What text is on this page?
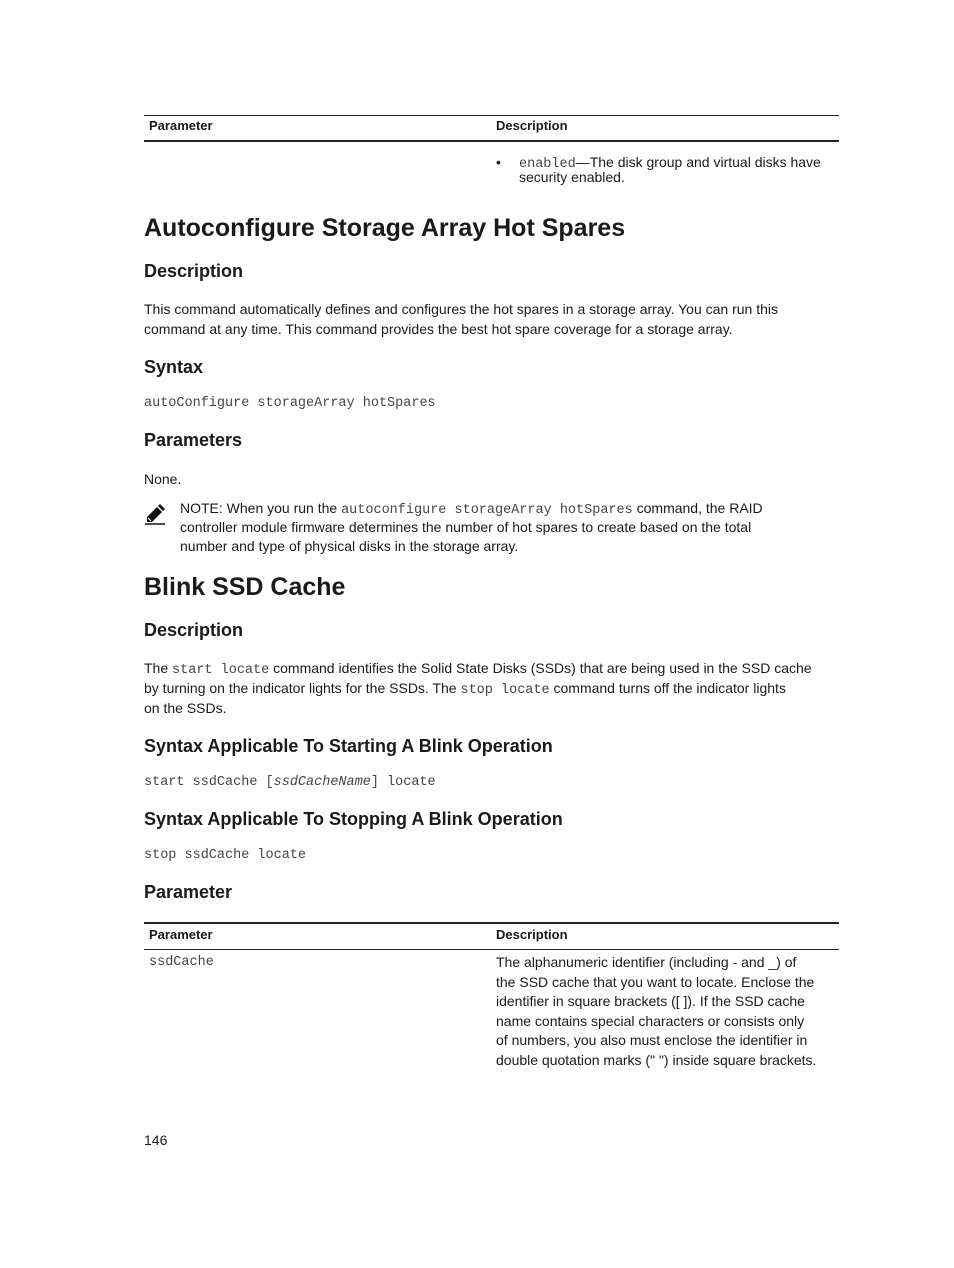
Parameter	Description
• enabled—The disk group and virtual disks have
security enabled.
Autoconfigure Storage Array Hot Spares
Description
This command automatically defines and configures the hot spares in a storage array. You can run this
command at any time. This command provides the best hot spare coverage for a storage array.
Syntax
autoConfigure storageArray hotSpares
Parameters
None.
NOTE: When you run the autoconfigure storageArray hotSpares command, the RAID
controller module firmware determines the number of hot spares to create based on the total
number and type of physical disks in the storage array.
Blink SSD Cache
Description
The start locate command identifies the Solid State Disks (SSDs) that are being used in the SSD cache
by turning on the indicator lights for the SSDs. The stop locate command turns off the indicator lights
on the SSDs.
Syntax Applicable To Starting A Blink Operation
start ssdCache [ssdCacheName] locate
Syntax Applicable To Stopping A Blink Operation
stop ssdCache locate
Parameter
Parameter	Description
ssdCache	The alphanumeric identifier (including - and _) of
the SSD cache that you want to locate. Enclose the
identifier in square brackets ([ ]). If the SSD cache
name contains special characters or consists only
of numbers, you also must enclose the identifier in
double quotation marks (" ") inside square brackets.
146
